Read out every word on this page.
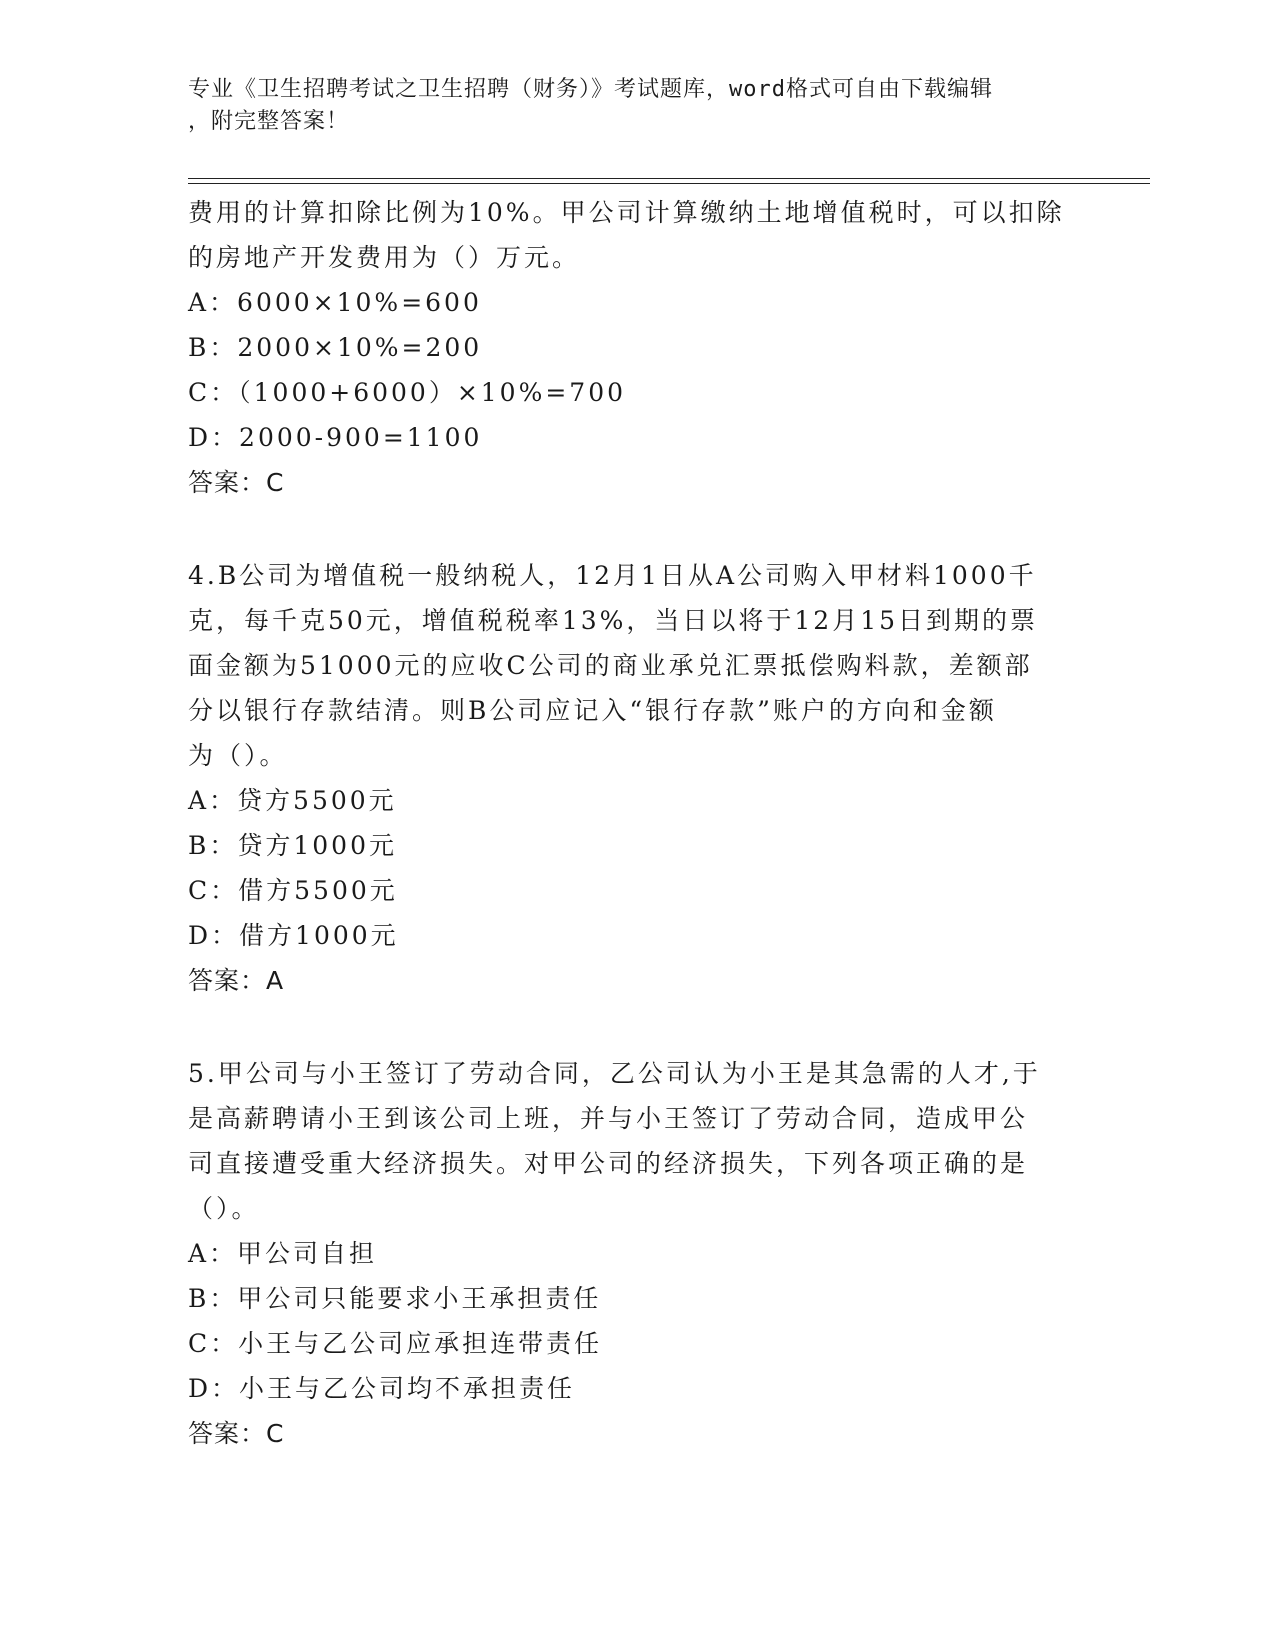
专业《卫生招聘考试之卫生招聘（财务）》考试题库，word格式可自由下载编辑
，附完整答案！
费用的计算扣除比例为10%。甲公司计算缴纳土地增值税时，可以扣除
的房地产开发费用为（）万元。
A：6000×10%=600
B：2000×10%=200
C：（1000+6000）×10%=700
D：2000-900=1100
答案：C
4.B公司为增值税一般纳税人，12月1日从A公司购入甲材料1000千
克，每千克50元，增值税税率13%，当日以将于12月15日到期的票
面金额为51000元的应收C公司的商业承兑汇票抵偿购料款，差额部
分以银行存款结清。则B公司应记入“银行存款”账户的方向和金额
为（）。
A：贷方5500元
B：贷方1000元
C：借方5500元
D：借方1000元
答案：A
5.甲公司与小王签订了劳动合同，乙公司认为小王是其急需的人才,于
是高薪聘请小王到该公司上班，并与小王签订了劳动合同，造成甲公
司直接遭受重大经济损失。对甲公司的经济损失，下列各项正确的是
（）。
A：甲公司自担
B：甲公司只能要求小王承担责任
C：小王与乙公司应承担连带责任
D：小王与乙公司均不承担责任
答案：C
